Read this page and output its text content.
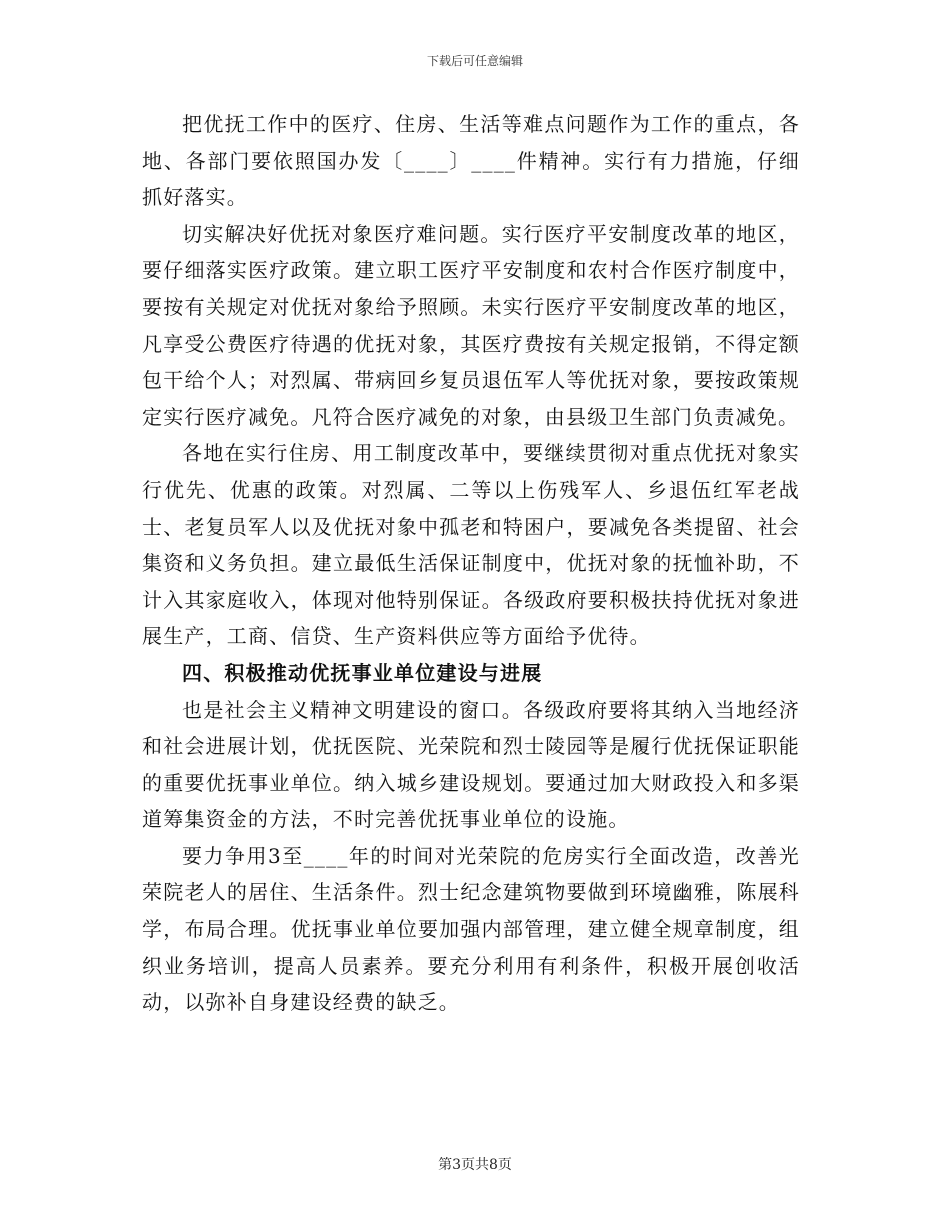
下载后可任意编辑

把优抚工作中的医疗、住房、生活等难点问题作为工作的重点，各地、各部门要依照国办发〔____〕____件精神。实行有力措施，仔细抓好落实。

切实解决好优抚对象医疗难问题。实行医疗平安制度改革的地区，要仔细落实医疗政策。建立职工医疗平安制度和农村合作医疗制度中，要按有关规定对优抚对象给予照顾。未实行医疗平安制度改革的地区，凡享受公费医疗待遇的优抚对象，其医疗费按有关规定报销，不得定额包干给个人；对烈属、带病回乡复员退伍军人等优抚对象，要按政策规定实行医疗减免。凡符合医疗减免的对象，由县级卫生部门负责减免。

各地在实行住房、用工制度改革中，要继续贯彻对重点优抚对象实行优先、优惠的政策。对烈属、二等以上伤残军人、乡退伍红军老战士、老复员军人以及优抚对象中孤老和特困户，要减免各类提留、社会集资和义务负担。建立最低生活保证制度中，优抚对象的抚恤补助，不计入其家庭收入，体现对他特别保证。各级政府要积极扶持优抚对象进展生产，工商、信贷、生产资料供应等方面给予优待。

四、积极推动优抚事业单位建设与进展

也是社会主义精神文明建设的窗口。各级政府要将其纳入当地经济和社会进展计划，优抚医院、光荣院和烈士陵园等是履行优抚保证职能的重要优抚事业单位。纳入城乡建设规划。要通过加大财政投入和多渠道筹集资金的方法，不时完善优抚事业单位的设施。

要力争用3至____年的时间对光荣院的危房实行全面改造，改善光荣院老人的居住、生活条件。烈士纪念建筑物要做到环境幽雅，陈展科学，布局合理。优抚事业单位要加强内部管理，建立健全规章制度，组织业务培训，提高人员素养。要充分利用有利条件，积极开展创收活动，以弥补自身建设经费的缺乏。

第3页共8页
